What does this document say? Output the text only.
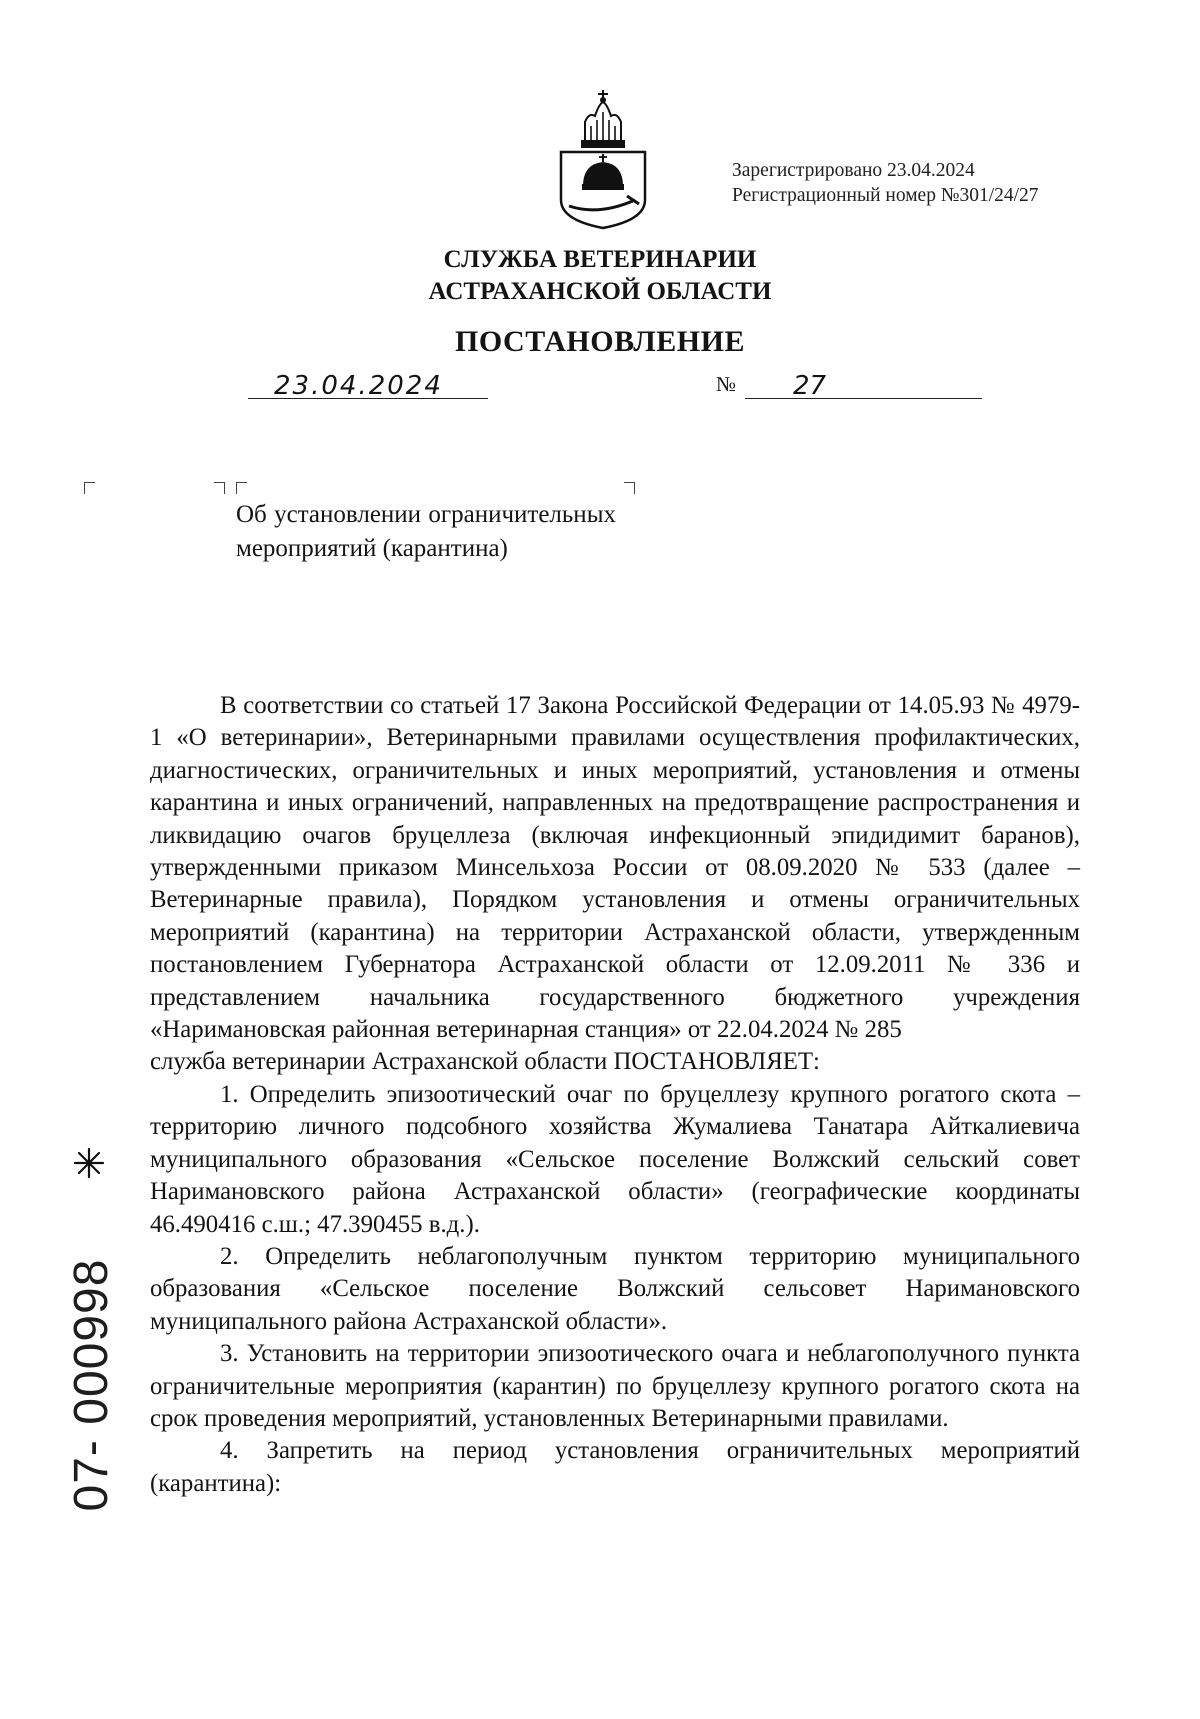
Зарегистрировано 23.04.2024
Регистрационный номер №301/24/27
СЛУЖБА ВЕТЕРИНАРИИ
АСТРАХАНСКОЙ ОБЛАСТИ
ПОСТАНОВЛЕНИЕ
23.04.2024	№	27
Об установлении ограничительных мероприятий (карантина)

В соответствии со статьей 17 Закона Российской Федерации от 14.05.93 № 4979-1 «О ветеринарии», Ветеринарными правилами осуществления профилактических, диагностических, ограничительных и иных мероприятий, установления и отмены карантина и иных ограничений, направленных на предотвращение распространения и ликвидацию очагов бруцеллеза (включая инфекционный эпидидимит баранов), утвержденными приказом Минсельхоза России от 08.09.2020 № 533 (далее – Ветеринарные правила), Порядком установления и отмены ограничительных мероприятий (карантина) на территории Астраханской области, утвержденным постановлением Губернатора Астраханской области от 12.09.2011 № 336 и представлением начальника государственного бюджетного учреждения «Наримановская районная ветеринарная станция» от 22.04.2024 № 285

служба ветеринарии Астраханской области ПОСТАНОВЛЯЕТ:

1. Определить эпизоотический очаг по бруцеллезу крупного рогатого скота – территорию личного подсобного хозяйства Жумалиева Танатара Айткалиевича муниципального образования «Сельское поселение Волжский сельский совет Наримановского района Астраханской области» (географические координаты 46.490416 с.ш.; 47.390455 в.д.).

2. Определить неблагополучным пунктом территорию муниципального образования «Сельское поселение Волжский сельсовет Наримановского муниципального района Астраханской области».

3. Установить на территории эпизоотического очага и неблагополучного пункта ограничительные мероприятия (карантин) по бруцеллезу крупного рогатого скота на срок проведения мероприятий, установленных Ветеринарными правилами.

4. Запретить на период установления ограничительных мероприятий (карантина):

07- 000998
